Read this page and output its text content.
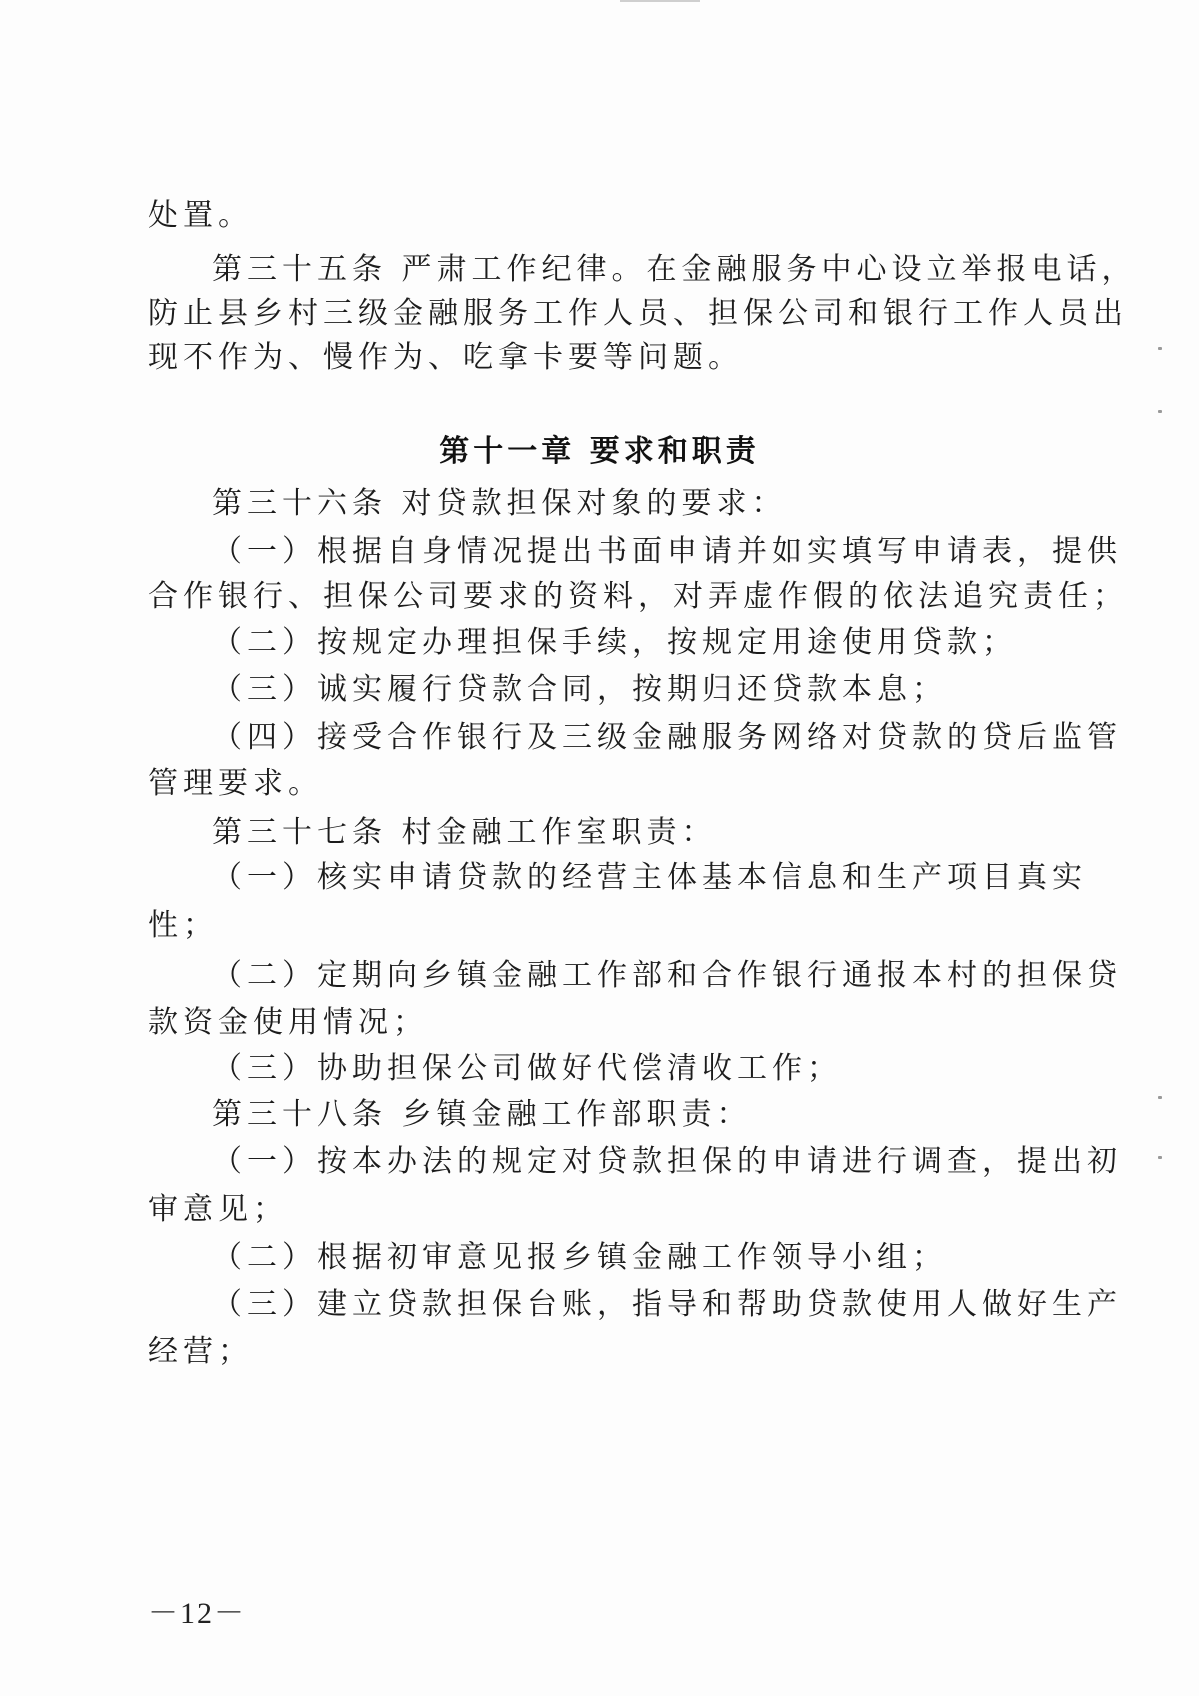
处置。
第三十五条 严肃工作纪律。在金融服务中心设立举报电话，
防止县乡村三级金融服务工作人员、担保公司和银行工作人员出
现不作为、慢作为、吃拿卡要等问题。
第十一章 要求和职责
第三十六条 对贷款担保对象的要求：
（一）根据自身情况提出书面申请并如实填写申请表，提供
合作银行、担保公司要求的资料，对弄虚作假的依法追究责任；
（二）按规定办理担保手续，按规定用途使用贷款；
（三）诚实履行贷款合同，按期归还贷款本息；
（四）接受合作银行及三级金融服务网络对贷款的贷后监管
管理要求。
第三十七条 村金融工作室职责：
（一）核实申请贷款的经营主体基本信息和生产项目真实
性；
（二）定期向乡镇金融工作部和合作银行通报本村的担保贷
款资金使用情况；
（三）协助担保公司做好代偿清收工作；
第三十八条 乡镇金融工作部职责：
（一）按本办法的规定对贷款担保的申请进行调查，提出初
审意见；
（二）根据初审意见报乡镇金融工作领导小组；
（三）建立贷款担保台账，指导和帮助贷款使用人做好生产
经营；
－12－
